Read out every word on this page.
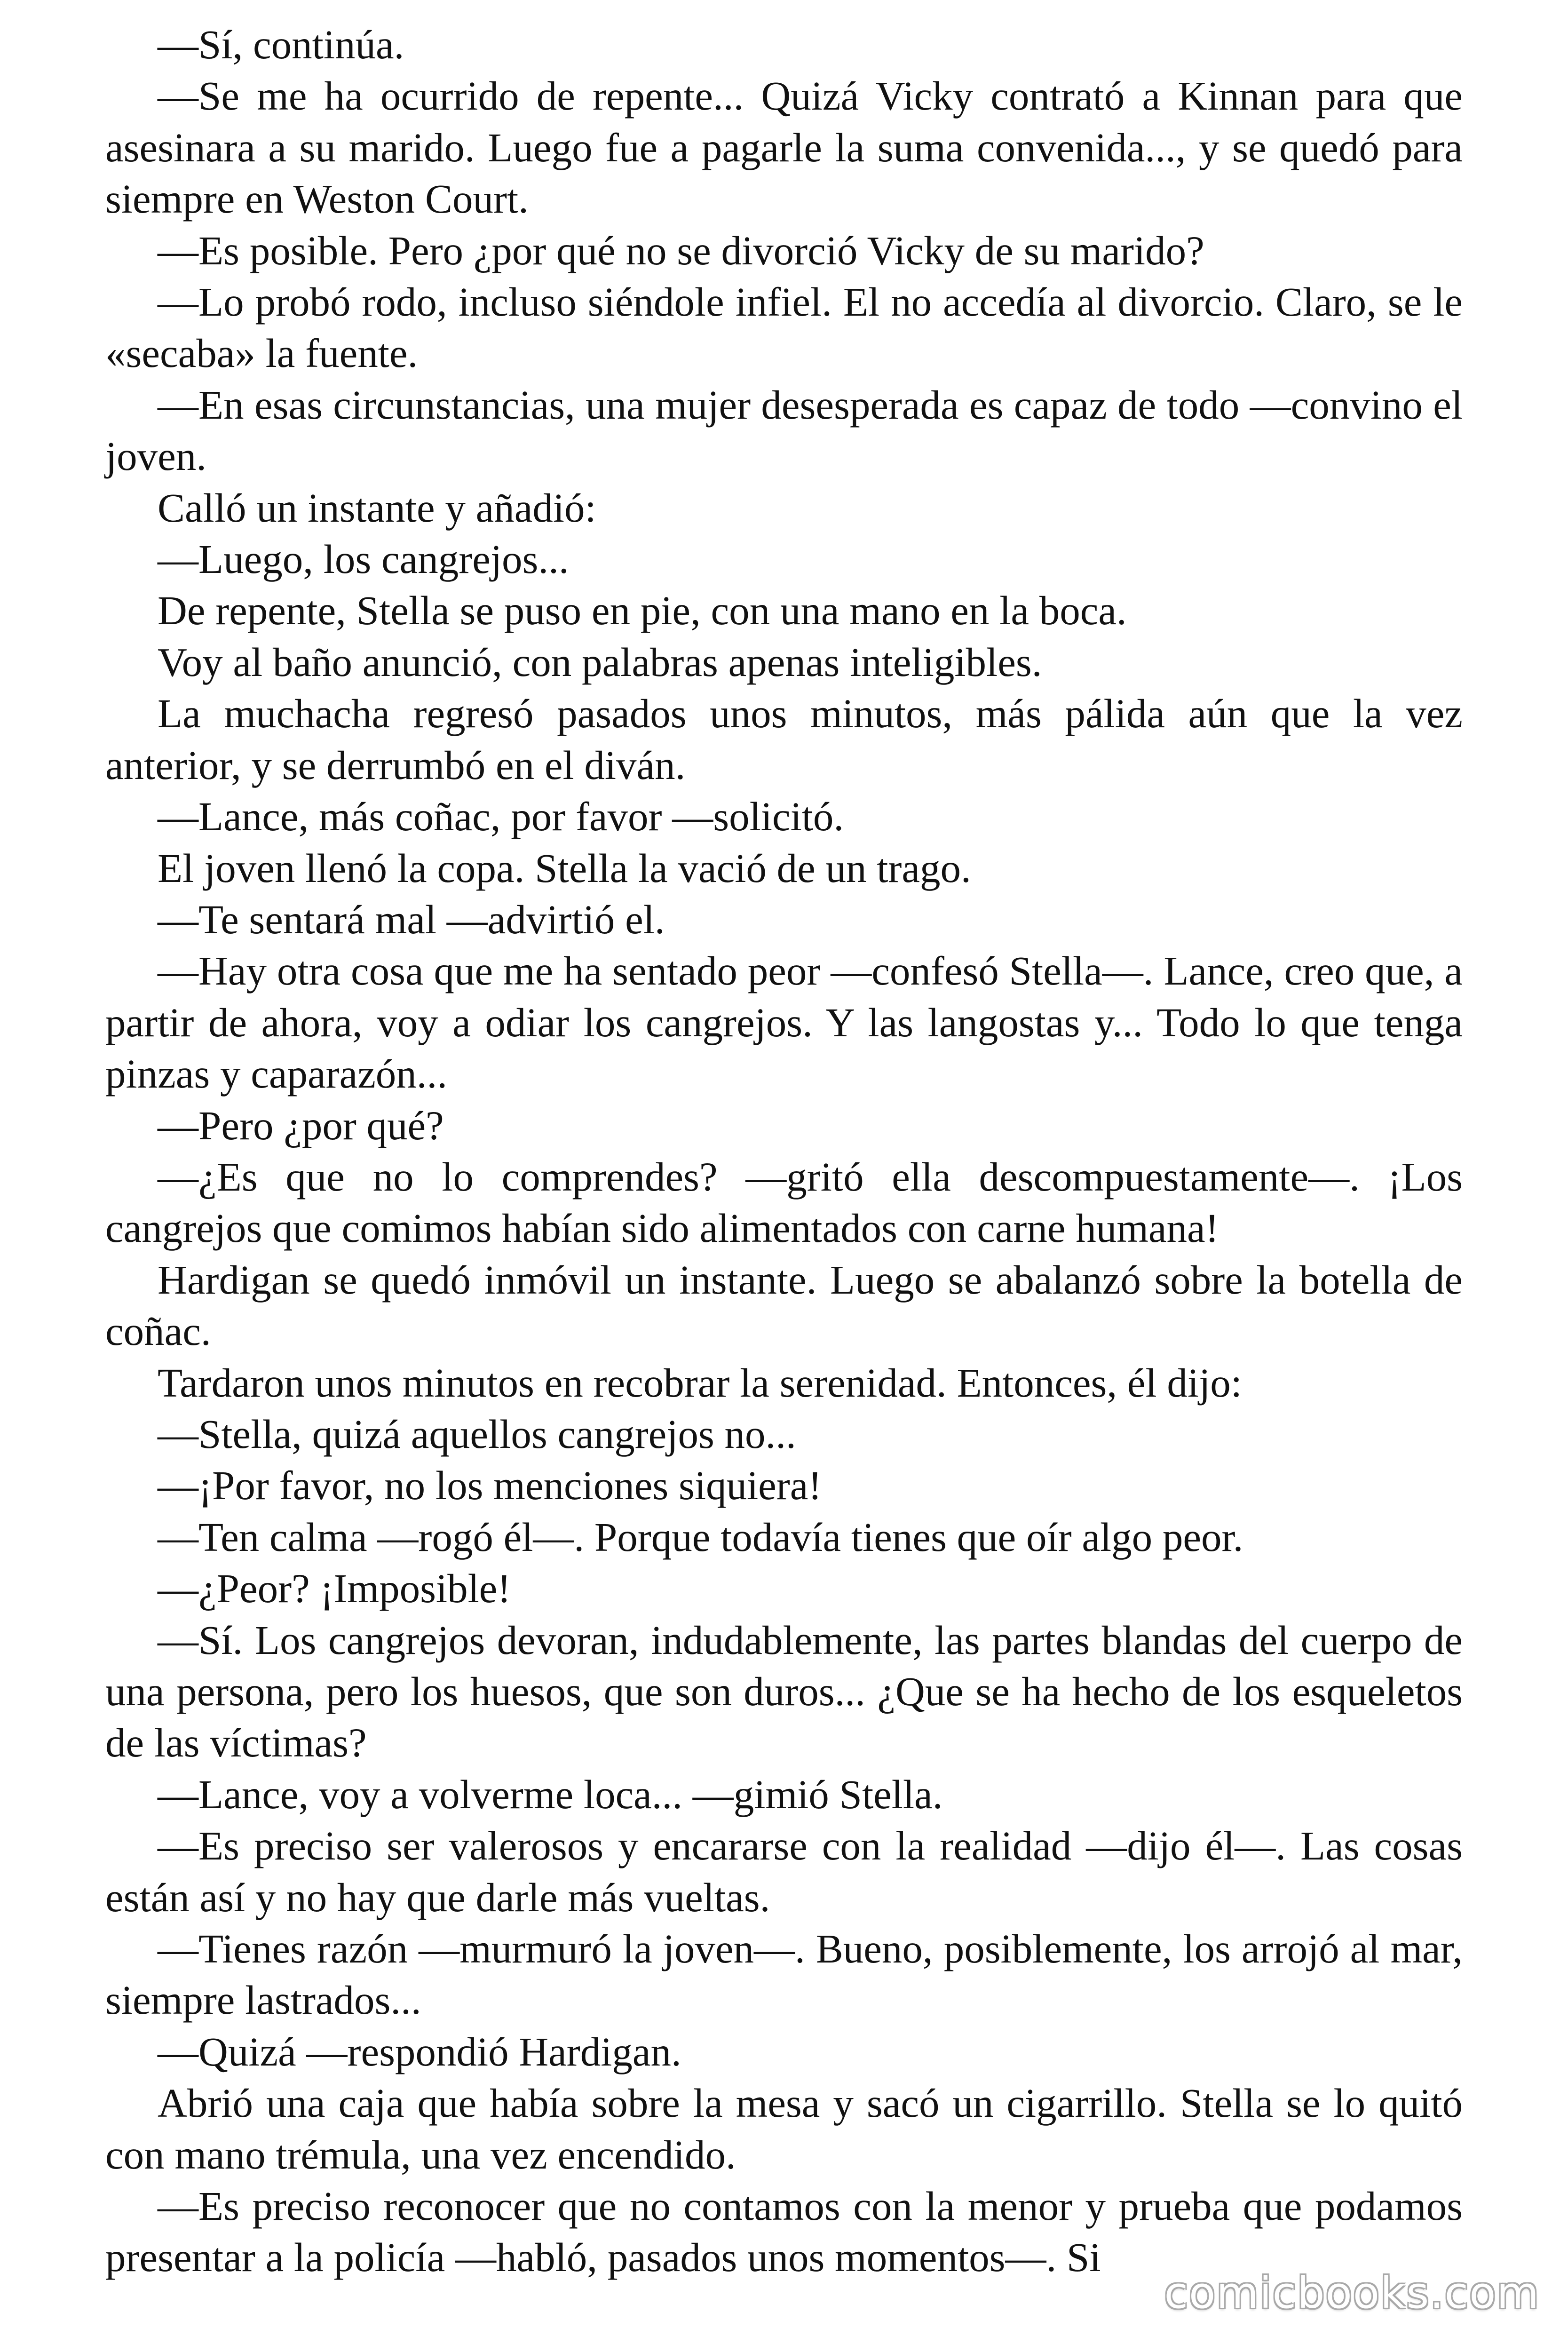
—Sí, continúa.

—Se me ha ocurrido de repente... Quizá Vicky contrató a Kinnan para que asesinara a su marido. Luego fue a pagarle la suma convenida..., y se quedó para siempre en Weston Court.

—Es posible. Pero ¿por qué no se divorció Vicky de su marido?

—Lo probó rodo, incluso siéndole infiel. El no accedía al divorcio. Claro, se le «secaba» la fuente.

—En esas circunstancias, una mujer desesperada es capaz de todo —convino el joven.

Calló un instante y añadió:

—Luego, los cangrejos...

De repente, Stella se puso en pie, con una mano en la boca.

Voy al baño anunció, con palabras apenas inteligibles.

La muchacha regresó pasados unos minutos, más pálida aún que la vez anterior, y se derrumbó en el diván.

—Lance, más coñac, por favor —solicitó.

El joven llenó la copa. Stella la vació de un trago.

—Te sentará mal —advirtió el.

—Hay otra cosa que me ha sentado peor —confesó Stella—. Lance, creo que, a partir de ahora, voy a odiar los cangrejos. Y las langostas y... Todo lo que tenga pinzas y caparazón...

—Pero ¿por qué?

—¿Es que no lo comprendes? —gritó ella descompuestamente—. ¡Los cangrejos que comimos habían sido alimentados con carne humana!

Hardigan se quedó inmóvil un instante. Luego se abalanzó sobre la botella de coñac.

Tardaron unos minutos en recobrar la serenidad. Entonces, él dijo:

—Stella, quizá aquellos cangrejos no...

—¡Por favor, no los menciones siquiera!

—Ten calma —rogó él—. Porque todavía tienes que oír algo peor.

—¿Peor? ¡Imposible!

—Sí. Los cangrejos devoran, indudablemente, las partes blandas del cuerpo de una persona, pero los huesos, que son duros... ¿Que se ha hecho de los esqueletos de las víctimas?

—Lance, voy a volverme loca... —gimió Stella.

—Es preciso ser valerosos y encararse con la realidad —dijo él—. Las cosas están así y no hay que darle más vueltas.

—Tienes razón —murmuró la joven—. Bueno, posiblemente, los arrojó al mar, siempre lastrados...

—Quizá —respondió Hardigan.

Abrió una caja que había sobre la mesa y sacó un cigarrillo. Stella se lo quitó con mano trémula, una vez encendido.

—Es preciso reconocer que no contamos con la menor y prueba que podamos presentar a la policía —habló, pasados unos momentos—. Si

comicbooks.com
